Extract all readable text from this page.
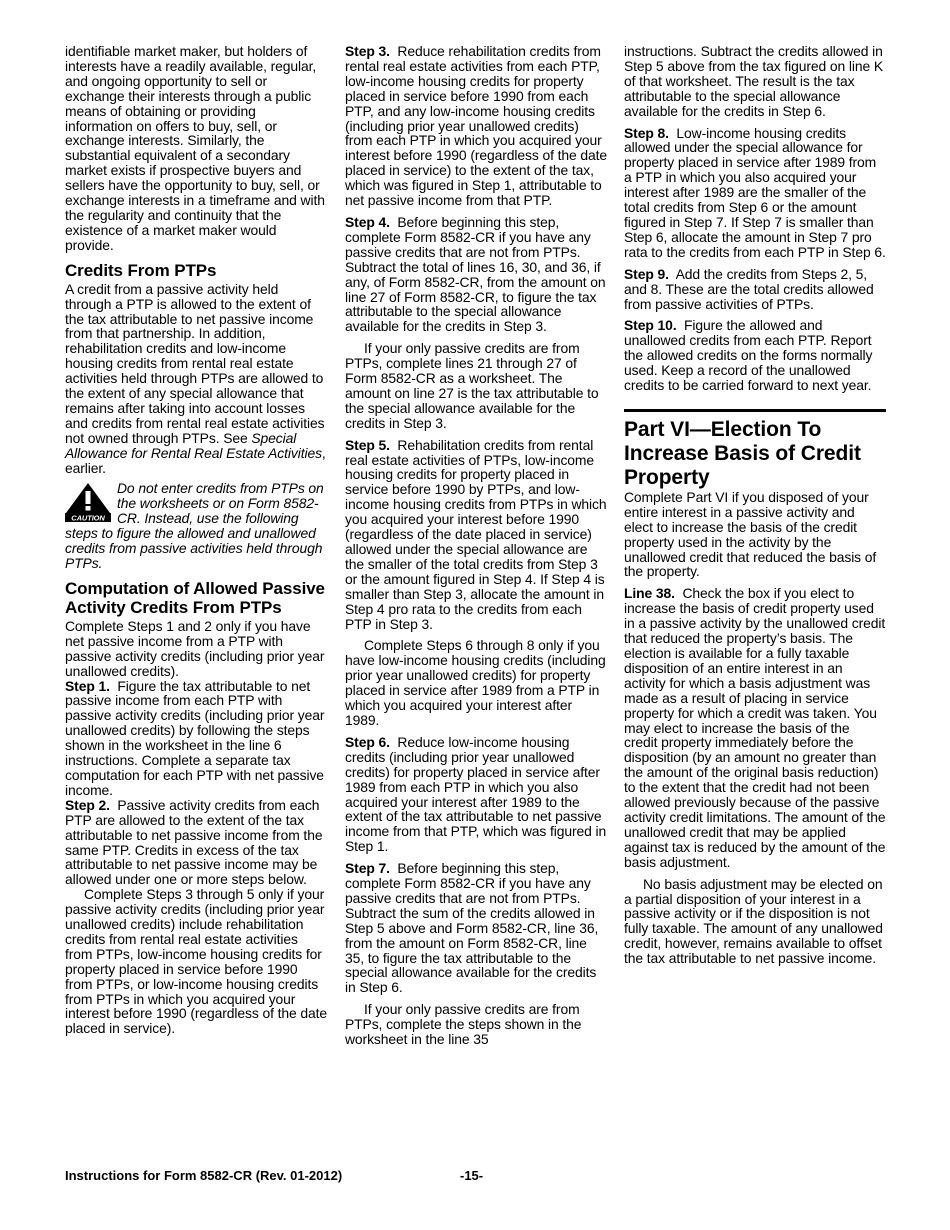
identifiable market maker, but holders of interests have a readily available, regular, and ongoing opportunity to sell or exchange their interests through a public means of obtaining or providing information on offers to buy, sell, or exchange interests. Similarly, the substantial equivalent of a secondary market exists if prospective buyers and sellers have the opportunity to buy, sell, or exchange interests in a timeframe and with the regularity and continuity that the existence of a market maker would provide.

Credits From PTPs

A credit from a passive activity held through a PTP is allowed to the extent of the tax attributable to net passive income from that partnership. In addition, rehabilitation credits and low-income housing credits from rental real estate activities held through PTPs are allowed to the extent of any special allowance that remains after taking into account losses and credits from rental real estate activities not owned through PTPs. See Special Allowance for Rental Real Estate Activities, earlier.

CAUTION
Do not enter credits from PTPs on the worksheets or on Form 8582-CR. Instead, use the following steps to figure the allowed and unallowed credits from passive activities held through PTPs.
Computation of Allowed Passive Activity Credits From PTPs

Complete Steps 1 and 2 only if you have net passive income from a PTP with passive activity credits (including prior year unallowed credits).

Step 1. Figure the tax attributable to net passive income from each PTP with passive activity credits (including prior year unallowed credits) by following the steps shown in the worksheet in the line 6 instructions. Complete a separate tax computation for each PTP with net passive income.

Step 2. Passive activity credits from each PTP are allowed to the extent of the tax attributable to net passive income from the same PTP. Credits in excess of the tax attributable to net passive income may be allowed under one or more steps below.

Complete Steps 3 through 5 only if your passive activity credits (including prior year unallowed credits) include rehabilitation credits from rental real estate activities from PTPs, low-income housing credits for property placed in service before 1990 from PTPs, or low-income housing credits from PTPs in which you acquired your interest before 1990 (regardless of the date placed in service).

Step 3. Reduce rehabilitation credits from rental real estate activities from each PTP, low-income housing credits for property placed in service before 1990 from each PTP, and any low-income housing credits (including prior year unallowed credits) from each PTP in which you acquired your interest before 1990 (regardless of the date placed in service) to the extent of the tax, which was figured in Step 1, attributable to net passive income from that PTP.

Step 4. Before beginning this step, complete Form 8582-CR if you have any passive credits that are not from PTPs. Subtract the total of lines 16, 30, and 36, if any, of Form 8582-CR, from the amount on line 27 of Form 8582-CR, to figure the tax attributable to the special allowance available for the credits in Step 3.

If your only passive credits are from PTPs, complete lines 21 through 27 of Form 8582-CR as a worksheet. The amount on line 27 is the tax attributable to the special allowance available for the credits in Step 3.

Step 5. Rehabilitation credits from rental real estate activities of PTPs, low-income housing credits for property placed in service before 1990 by PTPs, and low-income housing credits from PTPs in which you acquired your interest before 1990 (regardless of the date placed in service) allowed under the special allowance are the smaller of the total credits from Step 3 or the amount figured in Step 4. If Step 4 is smaller than Step 3, allocate the amount in Step 4 pro rata to the credits from each PTP in Step 3.

Complete Steps 6 through 8 only if you have low-income housing credits (including prior year unallowed credits) for property placed in service after 1989 from a PTP in which you acquired your interest after 1989.

Step 6. Reduce low-income housing credits (including prior year unallowed credits) for property placed in service after 1989 from each PTP in which you also acquired your interest after 1989 to the extent of the tax attributable to net passive income from that PTP, which was figured in Step 1.

Step 7. Before beginning this step, complete Form 8582-CR if you have any passive credits that are not from PTPs. Subtract the sum of the credits allowed in Step 5 above and Form 8582-CR, line 36, from the amount on Form 8582-CR, line 35, to figure the tax attributable to the special allowance available for the credits in Step 6.

If your only passive credits are from PTPs, complete the steps shown in the worksheet in the line 35

instructions. Subtract the credits allowed in Step 5 above from the tax figured on line K of that worksheet. The result is the tax attributable to the special allowance available for the credits in Step 6.

Step 8. Low-income housing credits allowed under the special allowance for property placed in service after 1989 from a PTP in which you also acquired your interest after 1989 are the smaller of the total credits from Step 6 or the amount figured in Step 7. If Step 7 is smaller than Step 6, allocate the amount in Step 7 pro rata to the credits from each PTP in Step 6.

Step 9. Add the credits from Steps 2, 5, and 8. These are the total credits allowed from passive activities of PTPs.

Step 10. Figure the allowed and unallowed credits from each PTP. Report the allowed credits on the forms normally used. Keep a record of the unallowed credits to be carried forward to next year.

Part VI—Election To Increase Basis of Credit Property

Complete Part VI if you disposed of your entire interest in a passive activity and elect to increase the basis of the credit property used in the activity by the unallowed credit that reduced the basis of the property.

Line 38. Check the box if you elect to increase the basis of credit property used in a passive activity by the unallowed credit that reduced the property’s basis. The election is available for a fully taxable disposition of an entire interest in an activity for which a basis adjustment was made as a result of placing in service property for which a credit was taken. You may elect to increase the basis of the credit property immediately before the disposition (by an amount no greater than the amount of the original basis reduction) to the extent that the credit had not been allowed previously because of the passive activity credit limitations. The amount of the unallowed credit that may be applied against tax is reduced by the amount of the basis adjustment.

No basis adjustment may be elected on a partial disposition of your interest in a passive activity or if the disposition is not fully taxable. The amount of any unallowed credit, however, remains available to offset the tax attributable to net passive income.

Instructions for Form 8582-CR (Rev. 01-2012)	-15-
